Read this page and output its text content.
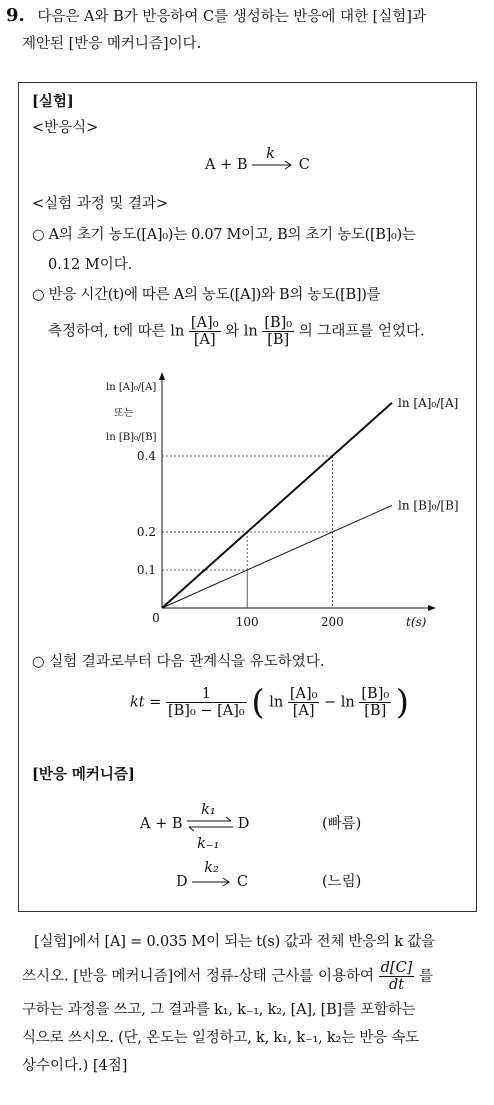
9. 다음은 A와 B가 반응하여 C를 생성하는 반응에 대한 [실험]과
제안된 [반응 메커니즘]이다.
[실험]
<반응식>
A + B
k
C
<실험 과정 및 결과>
○ A의 초기 농도([A]₀)는 0.07 M이고, B의 초기 농도([B]₀)는
0.12 M이다.
○ 반응 시간(t)에 따른 A의 농도([A])와 B의 농도([B])를
측정하여, t에 따른 $\ln \frac{\text{[A]₀}}{[A]}$ 와 $\ln \frac{\text{[B]₀}}{[B]}$ 의 그래프를 얻었다.
ln [A]₀/[A]
또는
ln [B]₀/[B]
0	100	200
0.1
0.2
0.4
t(s)
ln [A]₀/[A]
ln [B]₀/[B]
○ 실험 결과로부터 다음 관계식을 유도하였다.
kt = $\frac{1}{\text{[B]₀ − [A]₀}}$ ( $\ln \frac{\text{[A]₀}}{[A]} - \ln \frac{\text{[B]₀}}{[B]}$ )
[반응 메커니즘]
A + B
k₁
k₋₁
D	(빠름)
D
k₂
C	(느림)
[실험]에서 [A] = 0.035 M이 되는 t(s) 값과 전체 반응의 k 값을
쓰시오. [반응 메커니즘]에서 정류-상태 근사를 이용하여 $\frac{d[C]}{dt}$ 를
구하는 과정을 쓰고, 그 결과를 k₁, k₋₁, k₂, [A], [B]를 포함하는
식으로 쓰시오. (단, 온도는 일정하고, k, k₁, k₋₁, k₂는 반응 속도
상수이다.) [4점]
